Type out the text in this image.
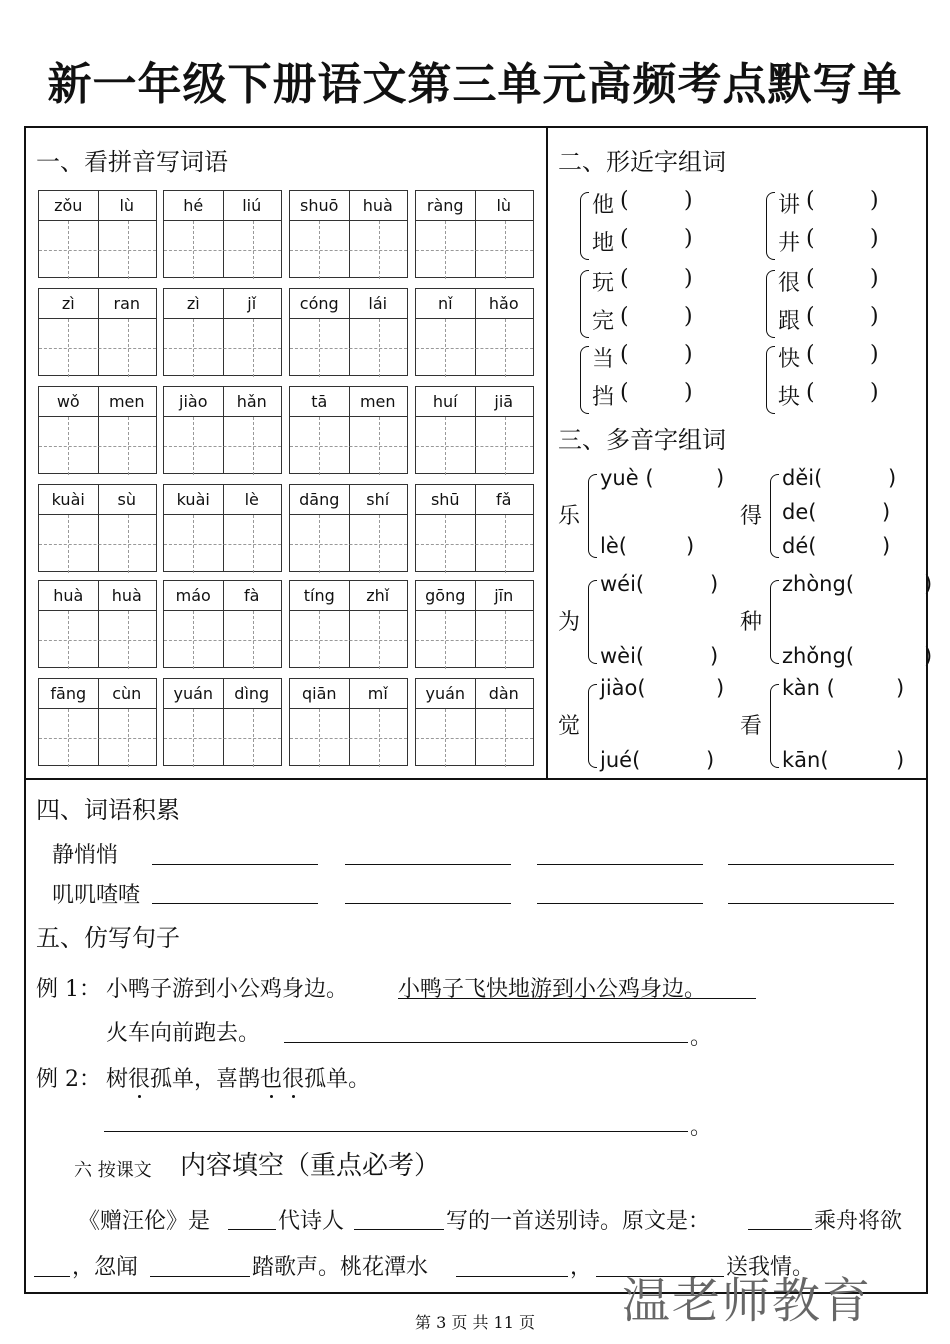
新一年级下册语文第三单元高频考点默写单
一、看拼音写词语	二、形近字组词
三、多音字组词
四、词语积累
五、仿写句子
zǒu	lù	hé	liú	shuō	huà	ràng	lù
zì	ran	zì	jǐ	cóng	lái	nǐ	hǎo
wǒ	men	jiào	hǎn	tā	men	huí	jiā
kuài	sù	kuài	lè	dāng	shí	shū	fǎ
huà	huà	máo	fà	tíng	zhǐ	gōng	jīn
fāng	cùn	yuán	dìng	qiān	mǐ	yuán	dàn
他 (	)
地 (	)
讲 (	)
井 (	)
玩 (	)
完 (	)
很 (	)
跟 (	)
当 (	)
挡 (	)
快 (	)
块 (	)
乐
yuè (	)
lè(	)
得
děi(	)
de(	)
dé(	)
为
wéi(	)
wèi(	)
种
zhòng(	)
zhǒng(	)
觉
jiào(	)
jué(	)
看
kàn (	)
kān(	)
静悄悄
叽叽喳喳
例 1： 小鸭子游到小公鸡身边。 小鸭子飞快地游到小公鸡身边。
火车向前跑去。	。
例 2： 树很孤单，喜鹊也很孤单。
。
六 按课文 内容填空（重点必考）
《赠汪伦》是	代诗人	写的一首送别诗。原文是：	乘舟将欲
，忽闻	踏歌声。桃花潭水	，	送我情。
第 3 页 共 11 页	温老师教育
